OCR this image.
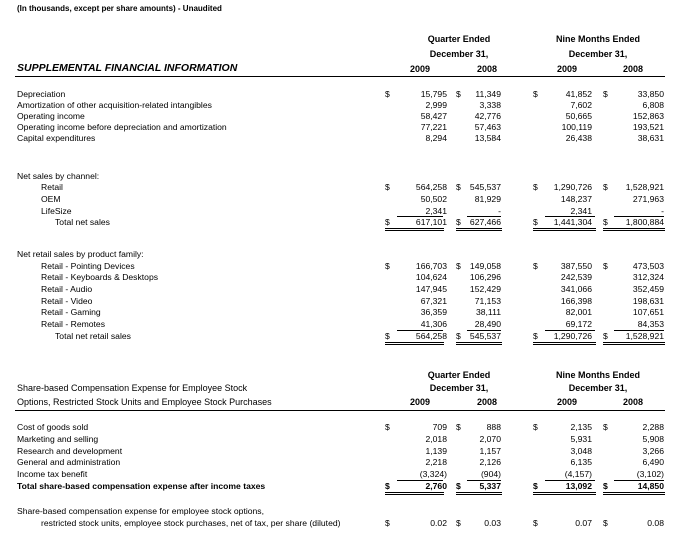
(In thousands, except per share amounts) - Unaudited
Quarter Ended
December 31,
Nine Months Ended
December 31,
SUPPLEMENTAL FINANCIAL INFORMATION	2009	2008	2009	2008
Depreciation	$	15,795 $ 11,349	$	41,852 $	33,850
Amortization of other acquisition-related intangibles	2,999	3,338	7,602	6,808
Operating income	58,427	42,776	50,665	152,863
Operating income before depreciation and amortization	77,221	57,463	100,119	193,521
Capital expenditures	8,294	13,584	26,438	38,631
Net sales by channel:
Retail	$	564,258 $ 545,537	$ 1,290,726 $ 1,528,921
OEM	50,502	81,929	148,237	271,963
LifeSize	2,341	-	2,341	-
Total net sales	$	617,101 $ 627,466	$ 1,441,304 $ 1,800,884
Net retail sales by product family:
Retail - Pointing Devices	$	166,703 $ 149,058	$	387,550 $	473,503
Retail - Keyboards & Desktops	104,624	106,296	242,539	312,324
Retail - Audio	147,945	152,429	341,066	352,459
Retail - Video	67,321	71,153	166,398	198,631
Retail - Gaming	36,359	38,111	82,001	107,651
Retail - Remotes	41,306	28,490	69,172	84,353
Total net retail sales	$	564,258 $ 545,537	$ 1,290,726 $ 1,528,921
Quarter Ended
December 31,
Nine Months Ended
December 31,
Share-based Compensation Expense for Employee Stock
Options, Restricted Stock Units and Employee Stock Purchases	2009	2008	2009	2008
Cost of goods sold	$	709 $	888	$	2,135 $	2,288
Marketing and selling	2,018	2,070	5,931	5,908
Research and development	1,139	1,157	3,048	3,266
General and administration	2,218	2,126	6,135	6,490
Income tax benefit	(3,324)	(904)	(4,157)	(3,102)
Total share-based compensation expense after income taxes	$	2,760 $ 5,337	$	13,092 $	14,850
Share-based compensation expense for employee stock options,
restricted stock units, employee stock purchases, net of tax, per share (diluted)	$	0.02 $	0.03	$	0.07 $	0.08
